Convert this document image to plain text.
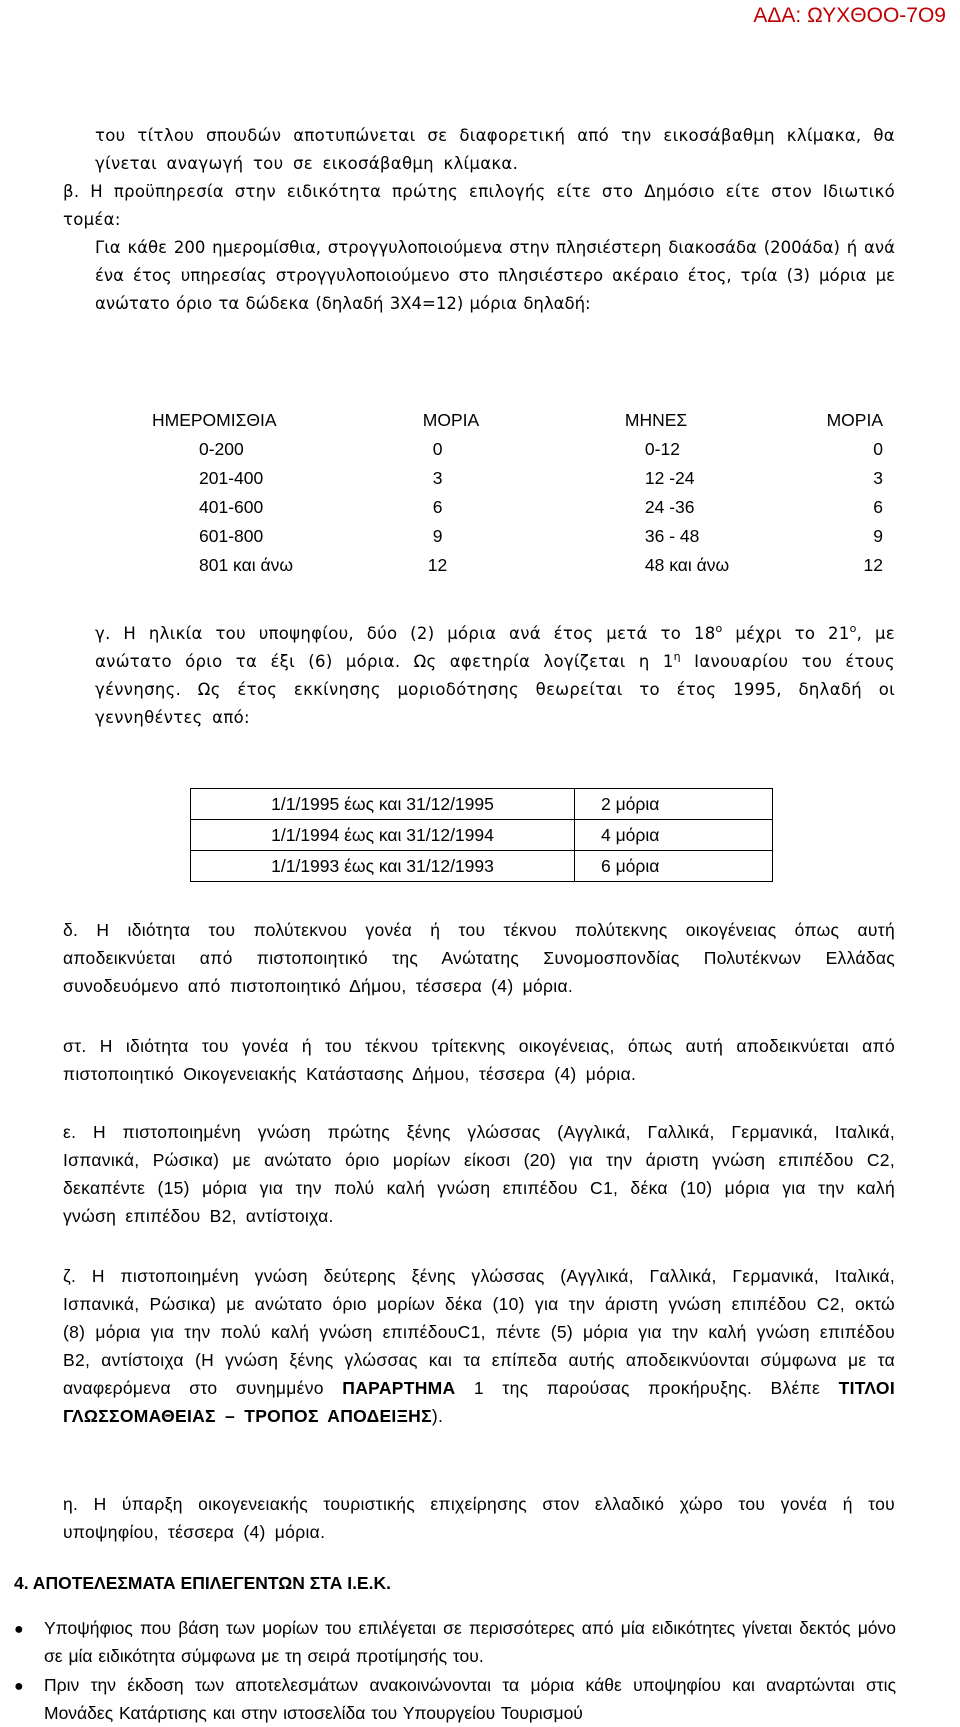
ΑΔΑ: ΩΥΧΘΟΟ-7Ο9

του τίτλου σπουδών αποτυπώνεται σε διαφορετική από την εικοσάβαθμη κλίμακα, θα γίνεται αναγωγή του σε εικοσάβαθμη κλίμακα.

β. Η προϋπηρεσία στην ειδικότητα πρώτης επιλογής είτε στο Δημόσιο είτε στον Ιδιωτικό τομέα:

Για κάθε 200 ημερομίσθια, στρογγυλοποιούμενα στην πλησιέστερη διακοσάδα (200άδα) ή ανά ένα έτος υπηρεσίας στρογγυλοποιούμενο στο πλησιέστερο ακέραιο έτος, τρία (3) μόρια με ανώτατο όριο τα δώδεκα (δηλαδή 3Χ4=12) μόρια δηλαδή:

ΗΜΕΡΟΜΙΣΘΙΑ	ΜΟΡΙΑ	ΜΗΝΕΣ	ΜΟΡΙΑ
0-200	0	0-12	0
201-400	3	12 -24	3
401-600	6	24 -36	6
601-800	9	36 - 48	9
801 και άνω	12	48 και άνω	12

γ. Η ηλικία του υποψηφίου, δύο (2) μόρια ανά έτος μετά το $18^o$ μέχρι το $21^o$, με ανώτατο όριο τα έξι (6) μόρια. Ως αφετηρία λογίζεται η $1^\eta$ Ιανουαρίου του έτους γέννησης. Ως έτος εκκίνησης μοριοδότησης θεωρείται το έτος 1995, δηλαδή οι γεννηθέντες από:

1/1/1995 έως και 31/12/1995	2 μόρια
1/1/1994 έως και 31/12/1994	4 μόρια
1/1/1993 έως και 31/12/1993	6 μόρια

δ. Η ιδιότητα του πολύτεκνου γονέα ή του τέκνου πολύτεκνης οικογένειας όπως αυτή αποδεικνύεται από πιστοποιητικό της Ανώτατης Συνομοσπονδίας Πολυτέκνων Ελλάδας συνοδευόμενο από πιστοποιητικό Δήμου, τέσσερα (4) μόρια.

στ. Η ιδιότητα του γονέα ή του τέκνου τρίτεκνης οικογένειας, όπως αυτή αποδεικνύεται από πιστοποιητικό Οικογενειακής Κατάστασης Δήμου, τέσσερα (4) μόρια.

ε. Η πιστοποιημένη γνώση πρώτης ξένης γλώσσας (Αγγλικά, Γαλλικά, Γερμανικά, Ιταλικά, Ισπανικά, Ρώσικα) με ανώτατο όριο μορίων είκοσι (20) για την άριστη γνώση επιπέδου C2, δεκαπέντε (15) μόρια για την πολύ καλή γνώση επιπέδου C1, δέκα (10) μόρια για την καλή γνώση επιπέδου Β2, αντίστοιχα.

ζ. Η πιστοποιημένη γνώση δεύτερης ξένης γλώσσας (Αγγλικά, Γαλλικά, Γερμανικά, Ιταλικά, Ισπανικά, Ρώσικα) με ανώτατο όριο μορίων δέκα (10) για την άριστη γνώση επιπέδου C2, οκτώ (8) μόρια για την πολύ καλή γνώση επιπέδουC1, πέντε (5) μόρια για την καλή γνώση επιπέδου Β2, αντίστοιχα (Η γνώση ξένης γλώσσας και τα επίπεδα αυτής αποδεικνύονται σύμφωνα με τα αναφερόμενα στο συνημμένο ΠΑΡΑΡΤΗΜΑ 1 της παρούσας προκήρυξης. Βλέπε ΤΙΤΛΟΙ ΓΛΩΣΣΟΜΑΘΕΙΑΣ – ΤΡΟΠΟΣ ΑΠΟΔΕΙΞΗΣ).

η. Η ύπαρξη οικογενειακής τουριστικής επιχείρησης στον ελλαδικό χώρο του γονέα ή του υποψηφίου, τέσσερα (4) μόρια.

4. ΑΠΟΤΕΛΕΣΜΑΤΑ ΕΠΙΛΕΓΕΝΤΩΝ ΣΤΑ Ι.Ε.Κ.

● Υποψήφιος που βάση των μορίων του επιλέγεται σε περισσότερες από μία ειδικότητες γίνεται δεκτός μόνο σε μία ειδικότητα σύμφωνα με τη σειρά προτίμησής του.

● Πριν την έκδοση των αποτελεσμάτων ανακοινώνονται τα μόρια κάθε υποψηφίου και αναρτώνται στις Μονάδες Κατάρτισης και στην ιστοσελίδα του Υπουργείου Τουρισμού
